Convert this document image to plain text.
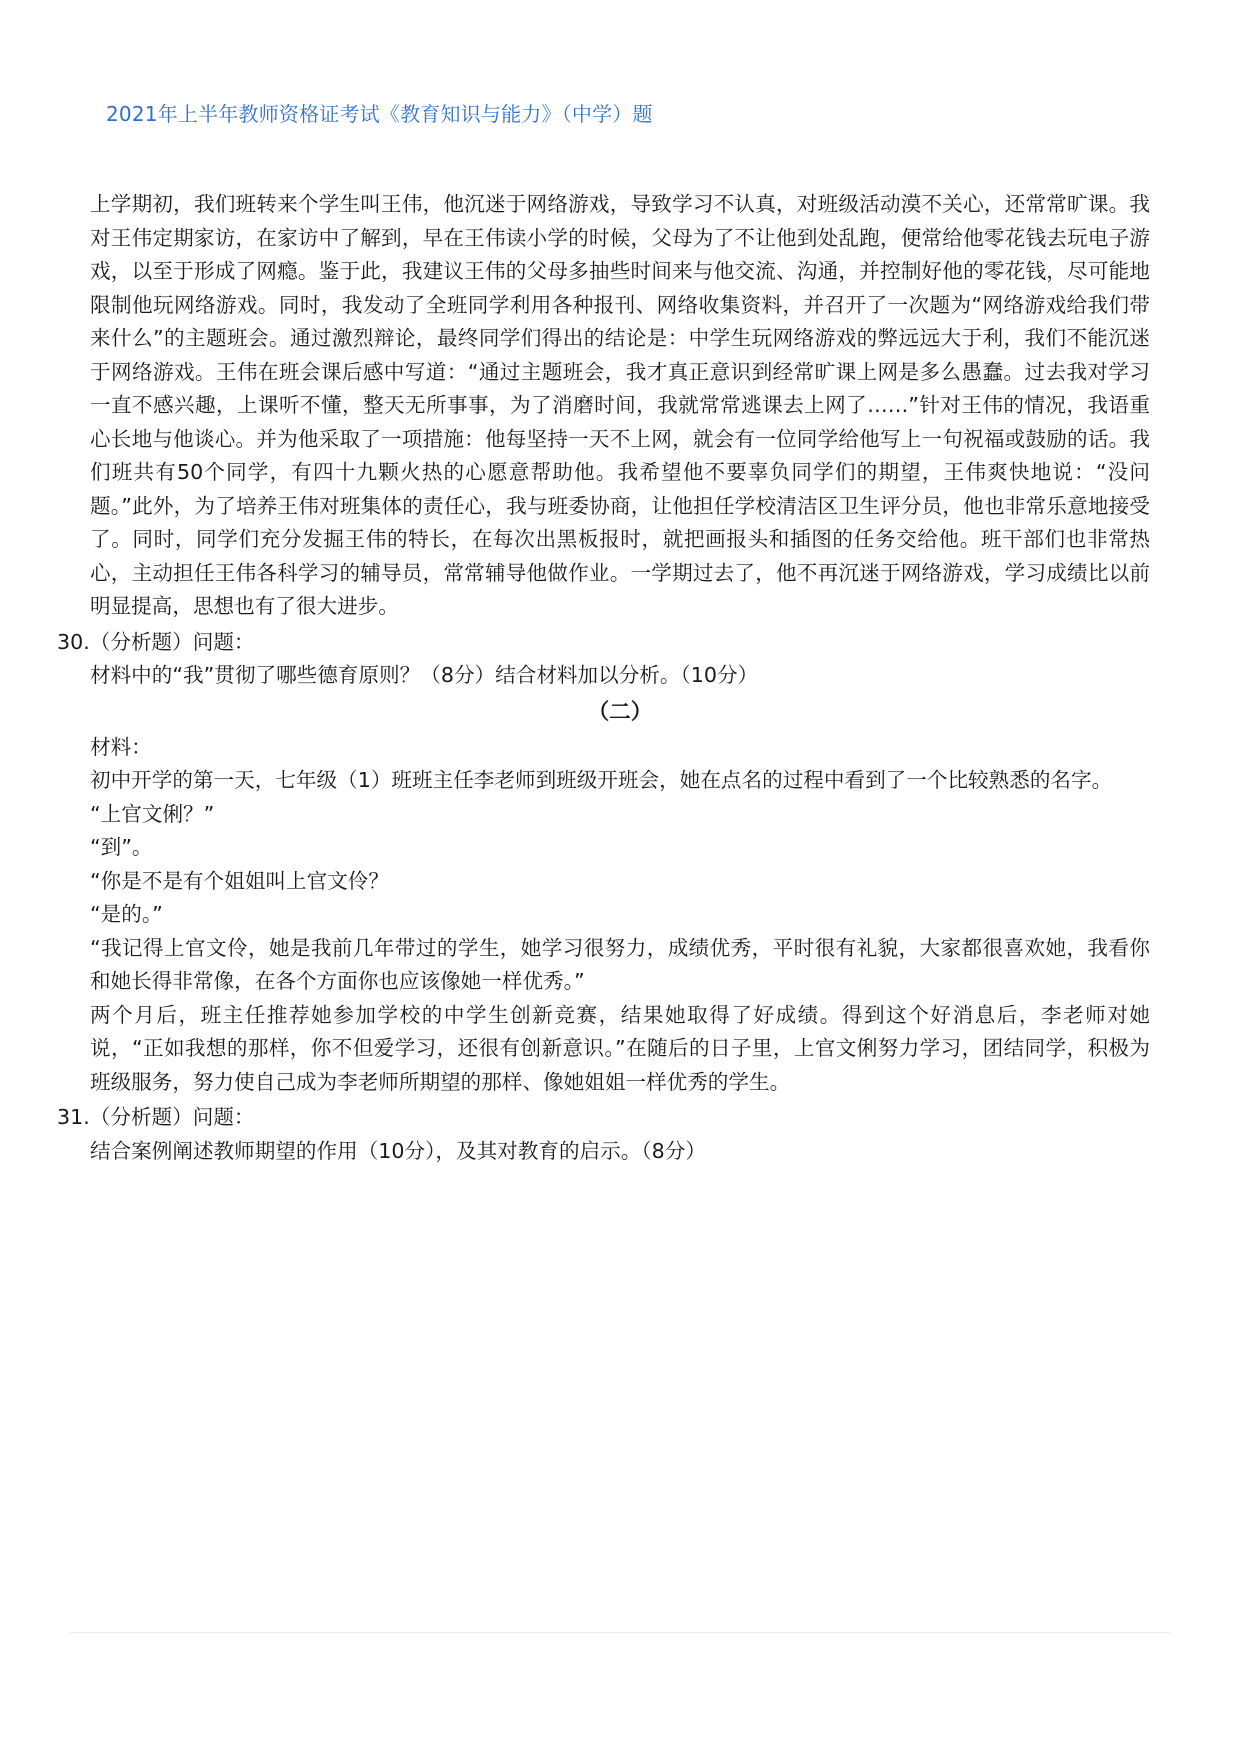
2021年上半年教师资格证考试《教育知识与能力》（中学）题

上学期初，我们班转来个学生叫王伟，他沉迷于网络游戏，导致学习不认真，对班级活动漠不关心，还常常旷课。我对王伟定期家访，在家访中了解到，早在王伟读小学的时候，父母为了不让他到处乱跑，便常给他零花钱去玩电子游戏，以至于形成了网瘾。鉴于此，我建议王伟的父母多抽些时间来与他交流、沟通，并控制好他的零花钱，尽可能地限制他玩网络游戏。同时，我发动了全班同学利用各种报刊、网络收集资料，并召开了一次题为“网络游戏给我们带来什么”的主题班会。通过激烈辩论，最终同学们得出的结论是：中学生玩网络游戏的弊远远大于利，我们不能沉迷于网络游戏。王伟在班会课后感中写道：“通过主题班会，我才真正意识到经常旷课上网是多么愚蠢。过去我对学习一直不感兴趣，上课听不懂，整天无所事事，为了消磨时间，我就常常逃课去上网了……”针对王伟的情况，我语重心长地与他谈心。并为他采取了一项措施：他每坚持一天不上网，就会有一位同学给他写上一句祝福或鼓励的话。我们班共有50个同学，有四十九颗火热的心愿意帮助他。我希望他不要辜负同学们的期望，王伟爽快地说：“没问题。”此外，为了培养王伟对班集体的责任心，我与班委协商，让他担任学校清洁区卫生评分员，他也非常乐意地接受了。同时，同学们充分发掘王伟的特长，在每次出黑板报时，就把画报头和插图的任务交给他。班干部们也非常热心，主动担任王伟各科学习的辅导员，常常辅导他做作业。一学期过去了，他不再沉迷于网络游戏，学习成绩比以前明显提高，思想也有了很大进步。

30.（分析题）问题：

材料中的“我”贯彻了哪些德育原则？（8分）结合材料加以分析。（10分）

（二）

材料：

初中开学的第一天，七年级（1）班班主任李老师到班级开班会，她在点名的过程中看到了一个比较熟悉的名字。

“上官文俐？”

“到”。

“你是不是有个姐姐叫上官文伶？

“是的。”

“我记得上官文伶，她是我前几年带过的学生，她学习很努力，成绩优秀，平时很有礼貌，大家都很喜欢她，我看你和她长得非常像，在各个方面你也应该像她一样优秀。”

两个月后，班主任推荐她参加学校的中学生创新竞赛，结果她取得了好成绩。得到这个好消息后，李老师对她说，“正如我想的那样，你不但爱学习，还很有创新意识。”在随后的日子里，上官文俐努力学习，团结同学，积极为班级服务，努力使自己成为李老师所期望的那样、像她姐姐一样优秀的学生。

31.（分析题）问题：

结合案例阐述教师期望的作用（10分），及其对教育的启示。（8分）
